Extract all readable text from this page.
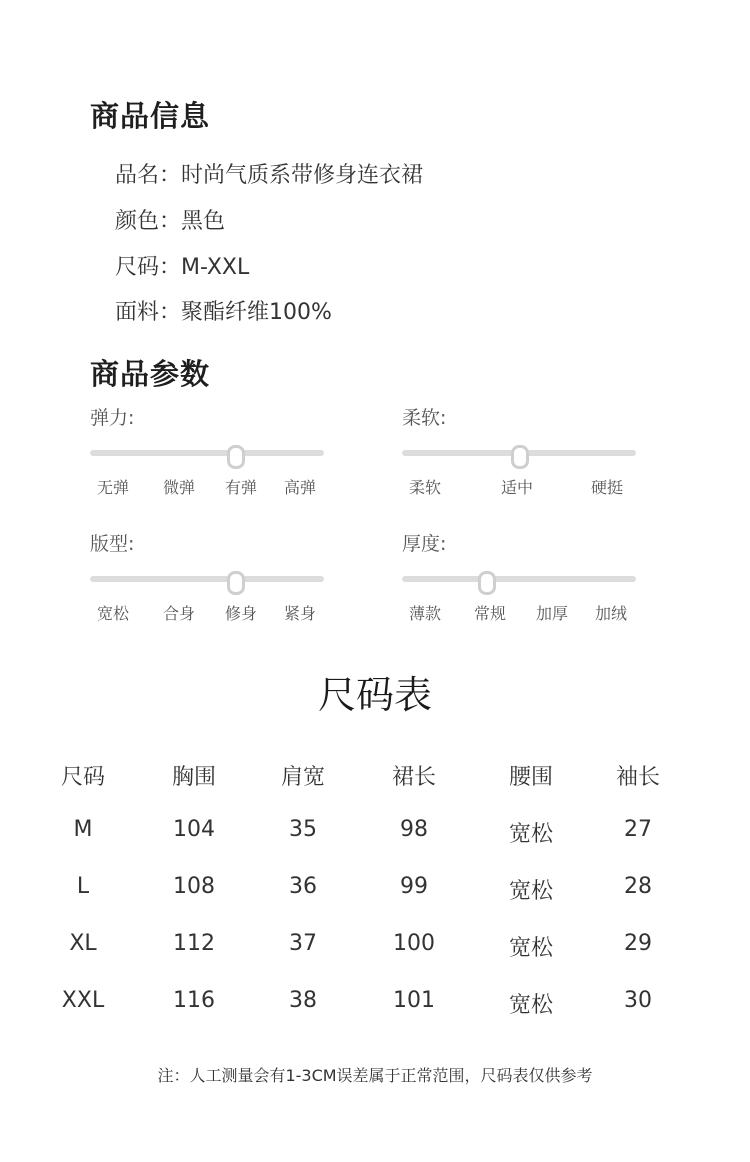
商品信息
品名：时尚气质系带修身连衣裙
颜色：黑色
尺码：M-XXL
面料：聚酯纤维100%
商品参数
弹力:
无弹 微弹 有弹 高弹
柔软:
柔软	适中	硬挺
版型:
宽松 合身 修身 紧身
厚度:
薄款 常规 加厚 加绒
尺码表
尺码	胸围	肩宽	裙长	腰围	袖长
M	104	35	98	宽松	27
L	108	36	99	宽松	28
XL	112	37	100	宽松	29
XXL	116	38	101	宽松	30
注：人工测量会有1-3CM误差属于正常范围，尺码表仅供参考
